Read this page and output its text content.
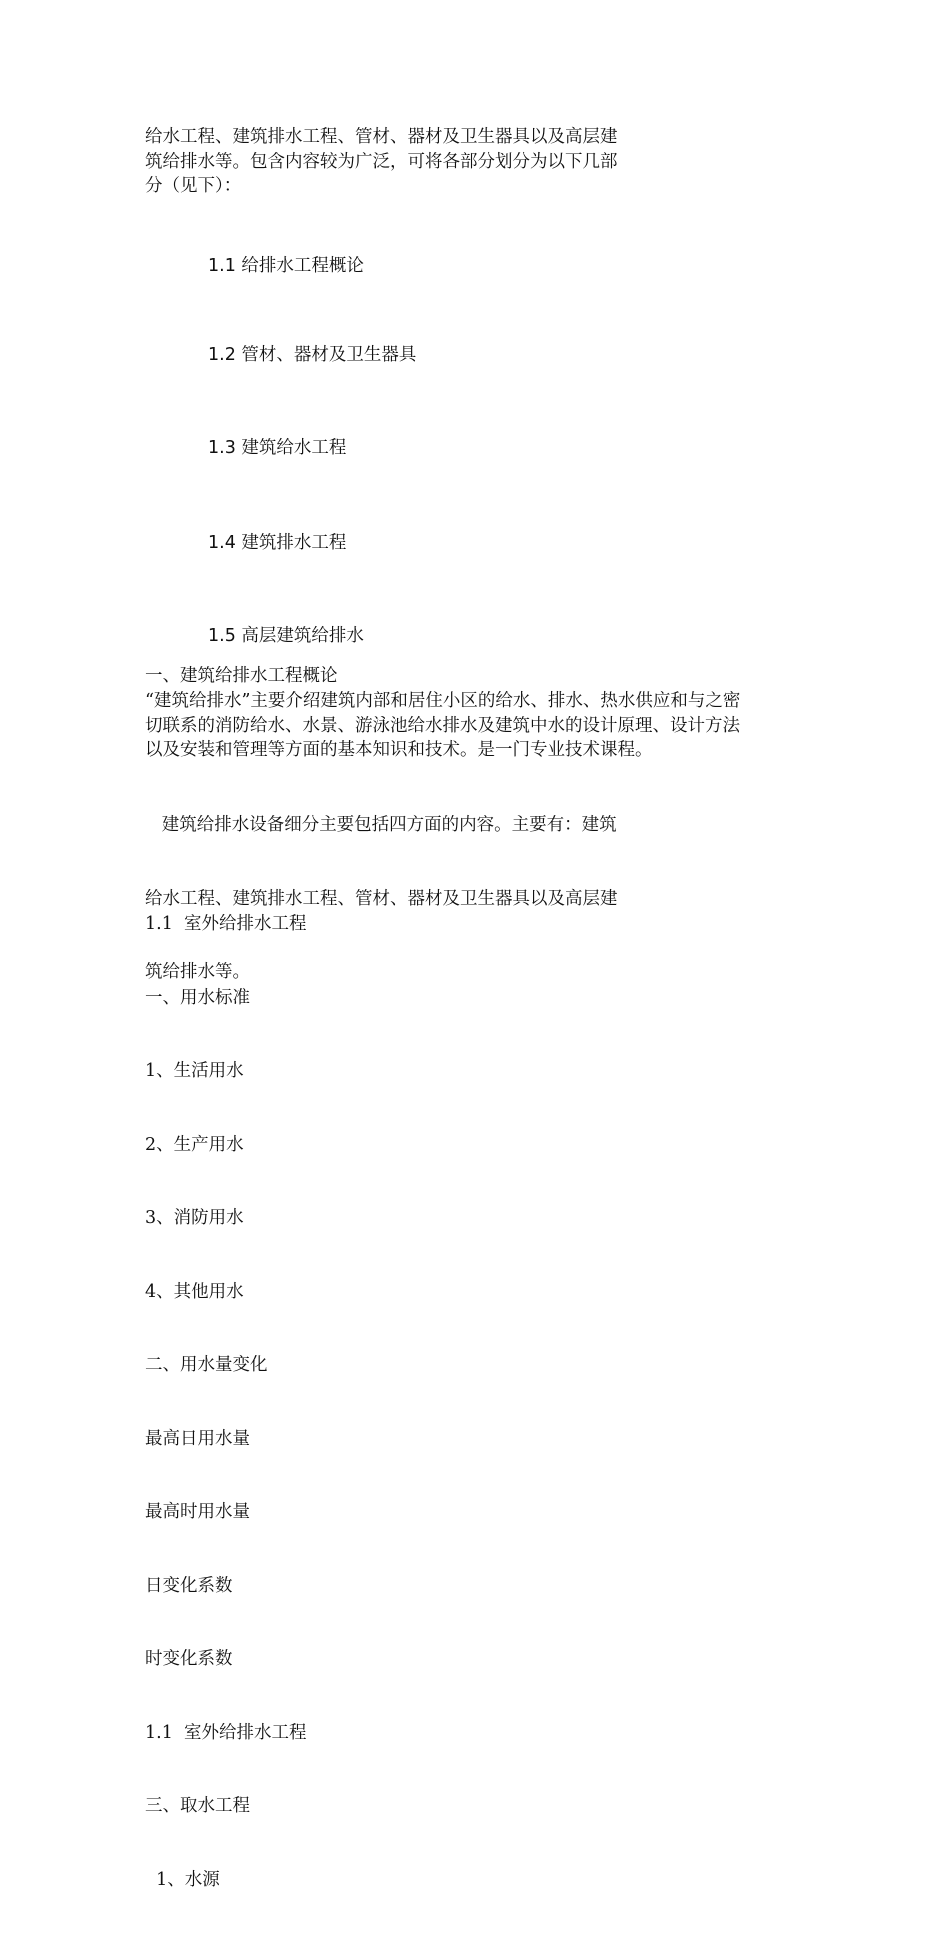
给水工程、建筑排水工程、管材、器材及卫生器具以及高层建
筑给排水等。包含内容较为广泛，可将各部分划分为以下几部
分（见下）：
1.1 给排水工程概论
1.2 管材、器材及卫生器具
1.3 建筑给水工程
1.4 建筑排水工程
1.5 高层建筑给排水
一、建筑给排水工程概论
“建筑给排水”主要介绍建筑内部和居住小区的给水、排水、热水供应和与之密
切联系的消防给水、水景、游泳池给水排水及建筑中水的设计原理、设计方法
以及安装和管理等方面的基本知识和技术。是一门专业技术课程。

建筑给排水设备细分主要包括四方面的内容。主要有：建筑

给水工程、建筑排水工程、管材、器材及卫生器具以及高层建

筑给排水等。

1.1  室外给排水工程

一、用水标准

1、生活用水

2、生产用水

3、消防用水

4、其他用水

二、用水量变化

最高日用水量

最高时用水量

日变化系数

时变化系数

1.1  室外给排水工程

三、取水工程

1、水源
